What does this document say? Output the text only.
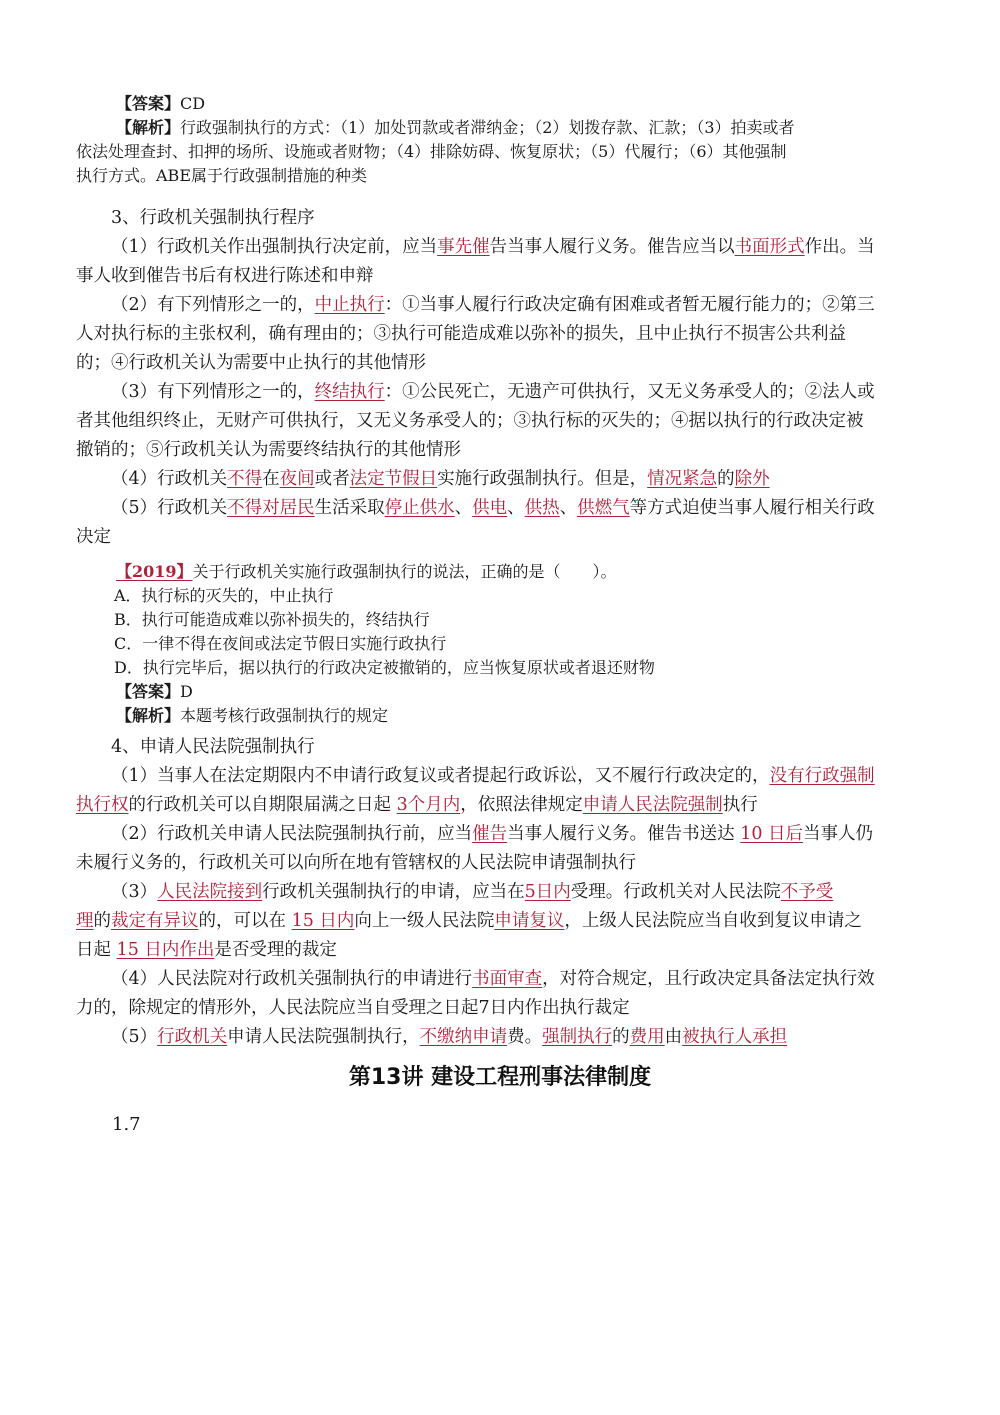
【答案】CD
【解析】行政强制执行的方式：（1）加处罚款或者滞纳金；（2）划拨存款、汇款；（3）拍卖或者
依法处理查封、扣押的场所、设施或者财物；（4）排除妨碍、恢复原状；（5）代履行；（6）其他强制
执行方式。ABE属于行政强制措施的种类
3、行政机关强制执行程序
（1）行政机关作出强制执行决定前，应当事先催告当事人履行义务。催告应当以书面形式作出。当
事人收到催告书后有权进行陈述和申辩
（2）有下列情形之一的，中止执行：①当事人履行行政决定确有困难或者暂无履行能力的；②第三
人对执行标的主张权利，确有理由的；③执行可能造成难以弥补的损失，且中止执行不损害公共利益
的；④行政机关认为需要中止执行的其他情形
（3）有下列情形之一的，终结执行：①公民死亡，无遗产可供执行，又无义务承受人的；②法人或
者其他组织终止，无财产可供执行，又无义务承受人的；③执行标的灭失的；④据以执行的行政决定被
撤销的；⑤行政机关认为需要终结执行的其他情形
（4）行政机关不得在夜间或者法定节假日实施行政强制执行。但是，情况紧急的除外
（5）行政机关不得对居民生活采取停止供水、供电、供热、供燃气等方式迫使当事人履行相关行政
决定
【2019】关于行政机关实施行政强制执行的说法，正确的是（　　）。
A．执行标的灭失的，中止执行
B．执行可能造成难以弥补损失的，终结执行
C．一律不得在夜间或法定节假日实施行政执行
D．执行完毕后，据以执行的行政决定被撤销的，应当恢复原状或者退还财物
【答案】D
【解析】本题考核行政强制执行的规定
4、申请人民法院强制执行
（1）当事人在法定期限内不申请行政复议或者提起行政诉讼，又不履行行政决定的，没有行政强制
执行权的行政机关可以自期限届满之日起 3个月内，依照法律规定申请人民法院强制执行
（2）行政机关申请人民法院强制执行前，应当催告当事人履行义务。催告书送达 10 日后当事人仍
未履行义务的，行政机关可以向所在地有管辖权的人民法院申请强制执行
（3）人民法院接到行政机关强制执行的申请，应当在5日内受理。行政机关对人民法院不予受
理的裁定有异议的，可以在 15 日内向上一级人民法院申请复议，上级人民法院应当自收到复议申请之
日起 15 日内作出是否受理的裁定
（4）人民法院对行政机关强制执行的申请进行书面审查，对符合规定，且行政决定具备法定执行效
力的，除规定的情形外，人民法院应当自受理之日起7日内作出执行裁定
（5）行政机关申请人民法院强制执行，不缴纳申请费。强制执行的费用由被执行人承担
第13讲 建设工程刑事法律制度
1.7
